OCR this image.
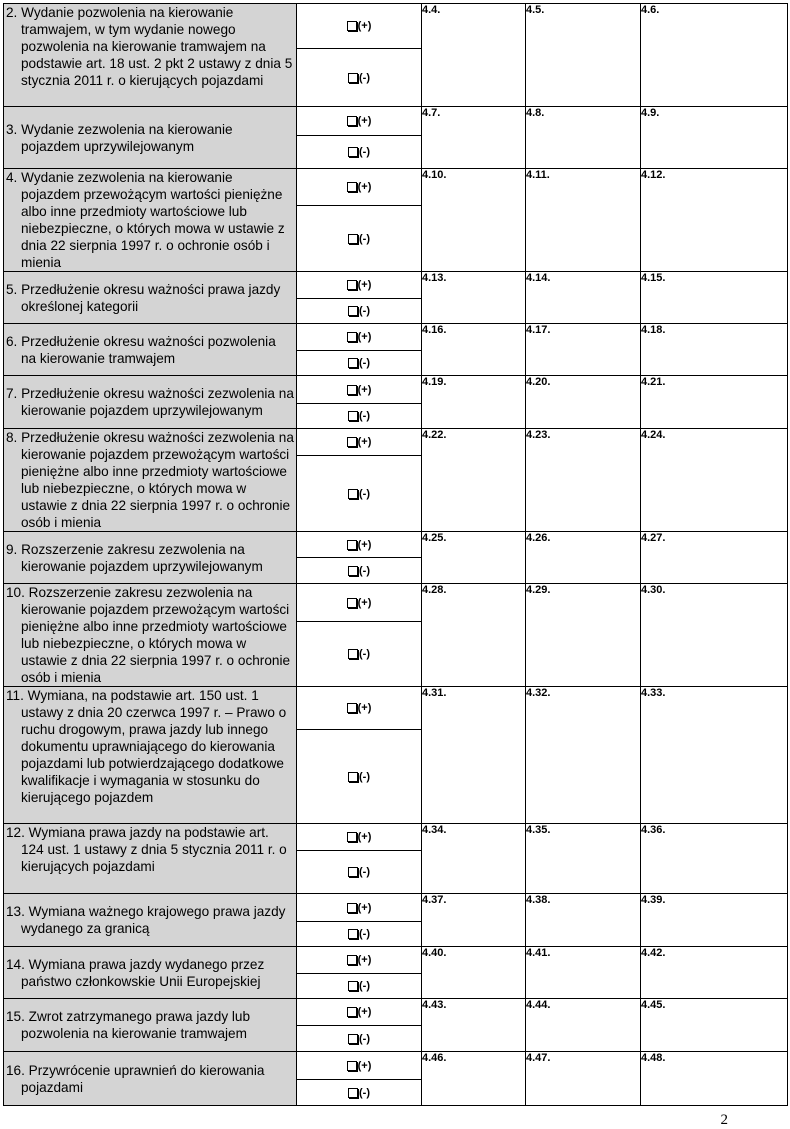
2. Wydanie pozwolenia na kierowanie tramwajem, w tym wydanie nowego pozwolenia na kierowanie tramwajem na podstawie art. 18 ust. 2 pkt 2 ustawy z dnia 5 stycznia 2011 r. o kierujących pojazdami	(+)
(-)	4.4.	4.5.	4.6.

3. Wydanie zezwolenia na kierowanie pojazdem uprzywilejowanym	(+)
(-)	4.7.	4.8.	4.9.

4. Wydanie zezwolenia na kierowanie pojazdem przewożącym wartości pieniężne albo inne przedmioty wartościowe lub niebezpieczne, o których mowa w ustawie z dnia 22 sierpnia 1997 r. o ochronie osób i mienia	(+)
(-)	4.10.	4.11.	4.12.

5. Przedłużenie okresu ważności prawa jazdy określonej kategorii	(+)
(-)	4.13.	4.14.	4.15.

6. Przedłużenie okresu ważności pozwolenia na kierowanie tramwajem	(+)
(-)	4.16.	4.17.	4.18.

7. Przedłużenie okresu ważności zezwolenia na kierowanie pojazdem uprzywilejowanym	(+)
(-)	4.19.	4.20.	4.21.

8. Przedłużenie okresu ważności zezwolenia na kierowanie pojazdem przewożącym wartości pieniężne albo inne przedmioty wartościowe lub niebezpieczne, o których mowa w ustawie z dnia 22 sierpnia 1997 r. o ochronie osób i mienia	(+)
(-)	4.22.	4.23.	4.24.

9. Rozszerzenie zakresu zezwolenia na kierowanie pojazdem uprzywilejowanym	(+)
(-)	4.25.	4.26.	4.27.

10. Rozszerzenie zakresu zezwolenia na kierowanie pojazdem przewożącym wartości pieniężne albo inne przedmioty wartościowe lub niebezpieczne, o których mowa w ustawie z dnia 22 sierpnia 1997 r. o ochronie osób i mienia	(+)
(-)	4.28.	4.29.	4.30.

11. Wymiana, na podstawie art. 150 ust. 1 ustawy z dnia 20 czerwca 1997 r. – Prawo o ruchu drogowym, prawa jazdy lub innego dokumentu uprawniającego do kierowania pojazdami lub potwierdzającego dodatkowe kwalifikacje i wymagania w stosunku do kierującego pojazdem	(+)
(-)	4.31.	4.32.	4.33.

12. Wymiana prawa jazdy na podstawie art. 124 ust. 1 ustawy z dnia 5 stycznia 2011 r. o kierujących pojazdami	(+)
(-)	4.34.	4.35.	4.36.

13. Wymiana ważnego krajowego prawa jazdy wydanego za granicą	(+)
(-)	4.37.	4.38.	4.39.

14. Wymiana prawa jazdy wydanego przez państwo członkowskie Unii Europejskiej	(+)
(-)	4.40.	4.41.	4.42.

15. Zwrot zatrzymanego prawa jazdy lub pozwolenia na kierowanie tramwajem	(+)
(-)	4.43.	4.44.	4.45.

16. Przywrócenie uprawnień do kierowania pojazdami	(+)
(-)	4.46.	4.47.	4.48.
2
